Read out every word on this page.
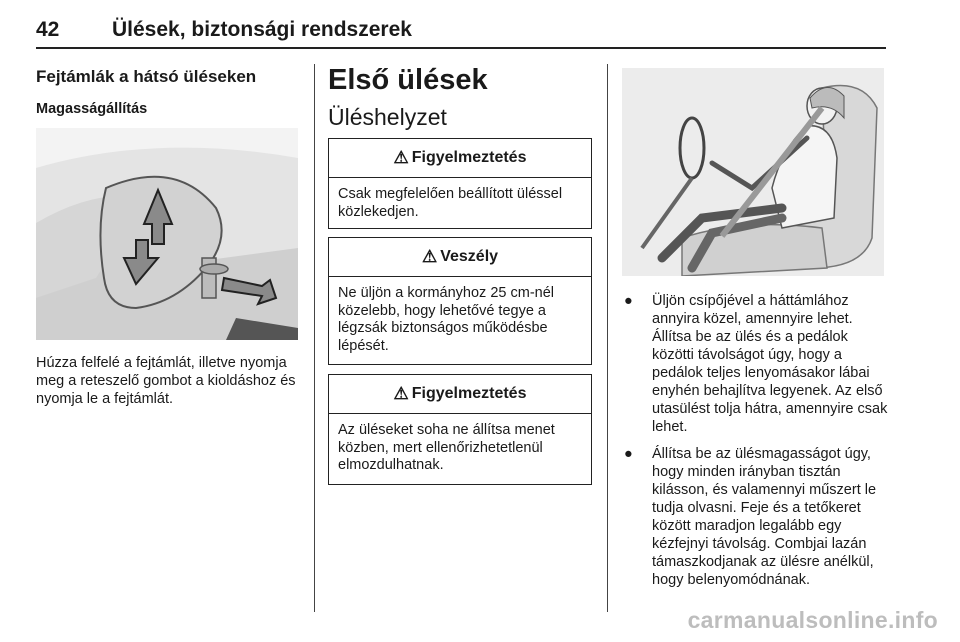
42	Ülések, biztonsági rendszerek
Fejtámlák a hátsó üléseken
Magasságállítás
Húzza felfelé a fejtámlát, illetve nyomja meg a reteszelő gombot a kioldáshoz és nyomja le a fejtámlát.
Első ülések
Üléshelyzet
⚠ Figyelmeztetés
Csak megfelelően beállított üléssel közlekedjen.
⚠ Veszély
Ne üljön a kormányhoz 25 cm-nél közelebb, hogy lehetővé tegye a légzsák biztonságos működésbe lépését.
⚠ Figyelmeztetés
Az üléseket soha ne állítsa menet közben, mert ellenőrizhetetlenül elmozdulhatnak.
● Üljön csípőjével a háttámlához annyira közel, amennyire lehet. Állítsa be az ülés és a pedálok közötti távolságot úgy, hogy a pedálok teljes lenyomásakor lábai enyhén behajlítva legyenek. Az első utasülést tolja hátra, amennyire csak lehet.
● Állítsa be az ülésmagasságot úgy, hogy minden irányban tisztán kilásson, és valamennyi műszert le tudja olvasni. Feje és a tetőkeret között maradjon legalább egy kézfejnyi távolság. Combjai lazán támaszkodjanak az ülésre anélkül, hogy belenyomódnának.
carmanualsonline.info
